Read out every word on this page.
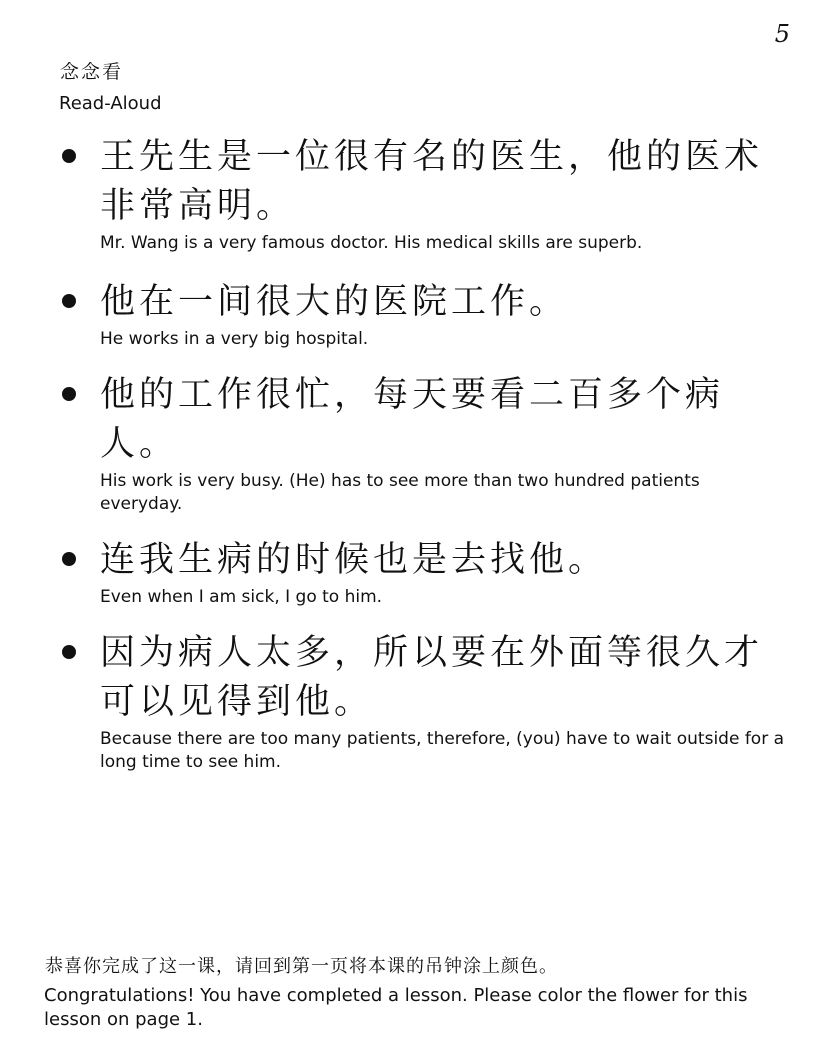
5
念念看
Read-Aloud
王先生是一位很有名的医生，他的医术非常高明。
Mr. Wang is a very famous doctor. His medical skills are superb.
他在一间很大的医院工作。
He works in a very big hospital.
他的工作很忙，每天要看二百多个病人。
His work is very busy. (He) has to see more than two hundred patients everyday.
连我生病的时候也是去找他。
Even when I am sick, I go to him.
因为病人太多，所以要在外面等很久才可以见得到他。
Because there are too many patients, therefore, (you) have to wait outside for a long time to see him.
恭喜你完成了这一课，请回到第一页将本课的吊钟涂上颜色。
Congratulations! You have completed a lesson. Please color the flower for this lesson on page 1.
